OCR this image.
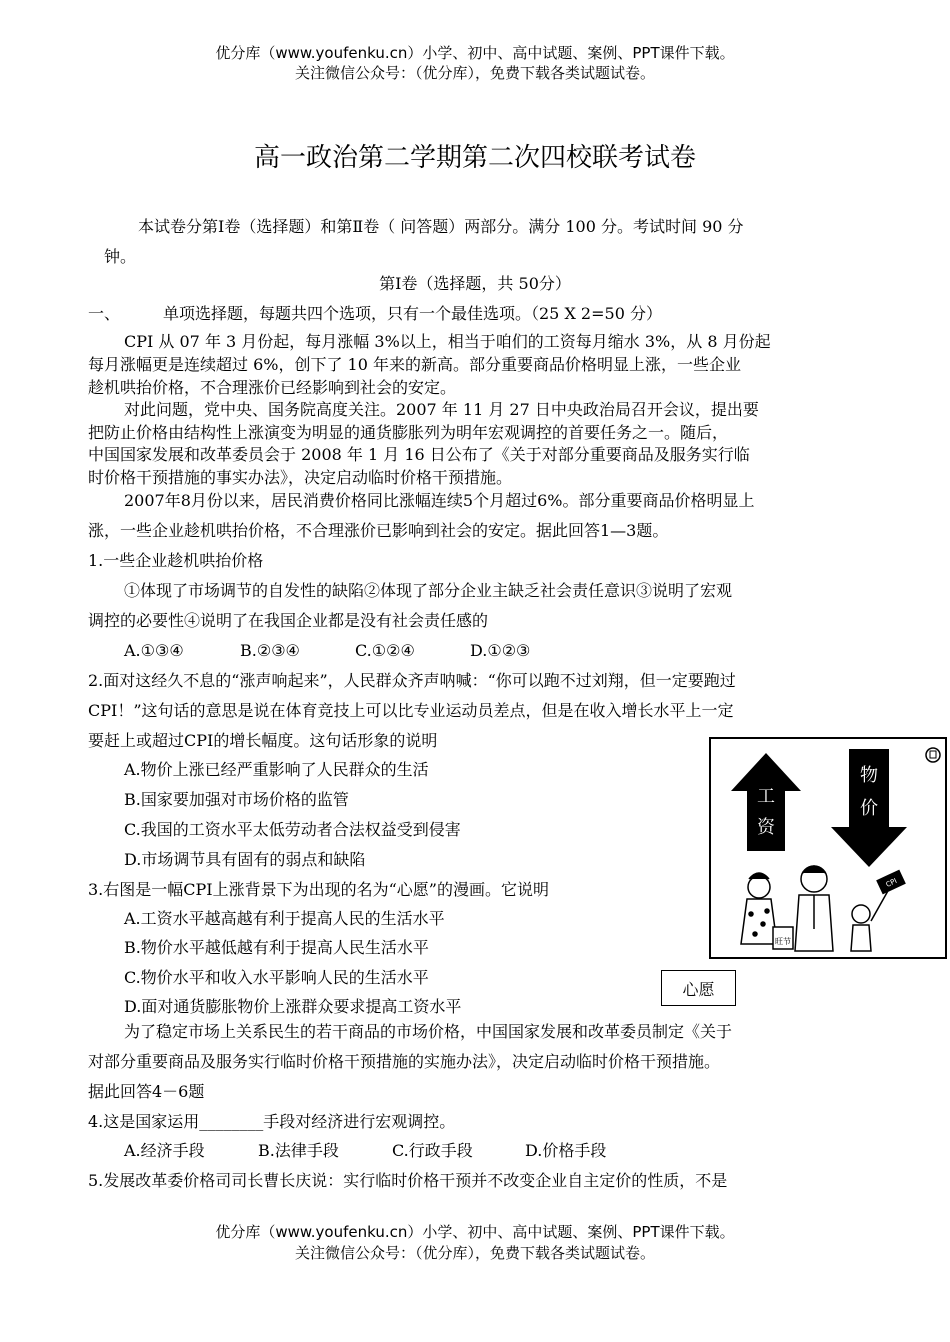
优分库（www.youfenku.cn）小学、初中、高中试题、案例、PPT课件下载。
关注微信公众号：（优分库），免费下载各类试题试卷。
高一政治第二学期第二次四校联考试卷
本试卷分第Ⅰ卷（选择题）和第Ⅱ卷（ 问答题）两部分。满分 100 分。考试时间 90 分
钟。
第Ⅰ卷（选择题，共 50分）
一、	单项选择题，每题共四个选项，只有一个最佳选项。（25 X 2=50 分）
CPI 从 07 年 3 月份起，每月涨幅 3%以上，相当于咱们的工资每月缩水 3%，从 8 月份起
每月涨幅更是连续超过 6%，创下了 10 年来的新高。部分重要商品价格明显上涨，一些企业
趁机哄抬价格，不合理涨价已经影响到社会的安定。
对此问题，党中央、国务院高度关注。2007 年 11 月 27 日中央政治局召开会议，提出要
把防止价格由结构性上涨演变为明显的通货膨胀列为明年宏观调控的首要任务之一。随后，
中国国家发展和改革委员会于 2008 年 1 月 16 日公布了《关于对部分重要商品及服务实行临
时价格干预措施的事实办法》，决定启动临时价格干预措施。
2007年8月份以来，居民消费价格同比涨幅连续5个月超过6%。部分重要商品价格明显上
涨，一些企业趁机哄抬价格，不合理涨价已影响到社会的安定。据此回答1—3题。
1.一些企业趁机哄抬价格
①体现了市场调节的自发性的缺陷②体现了部分企业主缺乏社会责任意识③说明了宏观
调控的必要性④说明了在我国企业都是没有社会责任感的
A.①③④	B.②③④	C.①②④	D.①②③
2.面对这经久不息的“涨声响起来”，人民群众齐声呐喊：“你可以跑不过刘翔，但一定要跑过
CPI！”这句话的意思是说在体育竞技上可以比专业运动员差点，但是在收入增长水平上一定
要赶上或超过CPI的增长幅度。这句话形象的说明
A.物价上涨已经严重影响了人民群众的生活
B.国家要加强对市场价格的监管
C.我国的工资水平太低劳动者合法权益受到侵害
D.市场调节具有固有的弱点和缺陷
3.右图是一幅CPI上涨背景下为出现的名为“心愿”的漫画。它说明
A.工资水平越高越有利于提高人民的生活水平
B.物价水平越低越有利于提高人民生活水平
C.物价水平和收入水平影响人民的生活水平
D.面对通货膨胀物价上涨群众要求提高工资水平
工
资
物
价
旺节
CPI
心愿
为了稳定市场上关系民生的若干商品的市场价格，中国国家发展和改革委员制定《关于
对部分重要商品及服务实行临时价格干预措施的实施办法》，决定启动临时价格干预措施。
据此回答4－6题
4.这是国家运用________手段对经济进行宏观调控。
A.经济手段	B.法律手段	C.行政手段	D.价格手段
5.发展改革委价格司司长曹长庆说：实行临时价格干预并不改变企业自主定价的性质，不是
优分库（www.youfenku.cn）小学、初中、高中试题、案例、PPT课件下载。
关注微信公众号：（优分库），免费下载各类试题试卷。
